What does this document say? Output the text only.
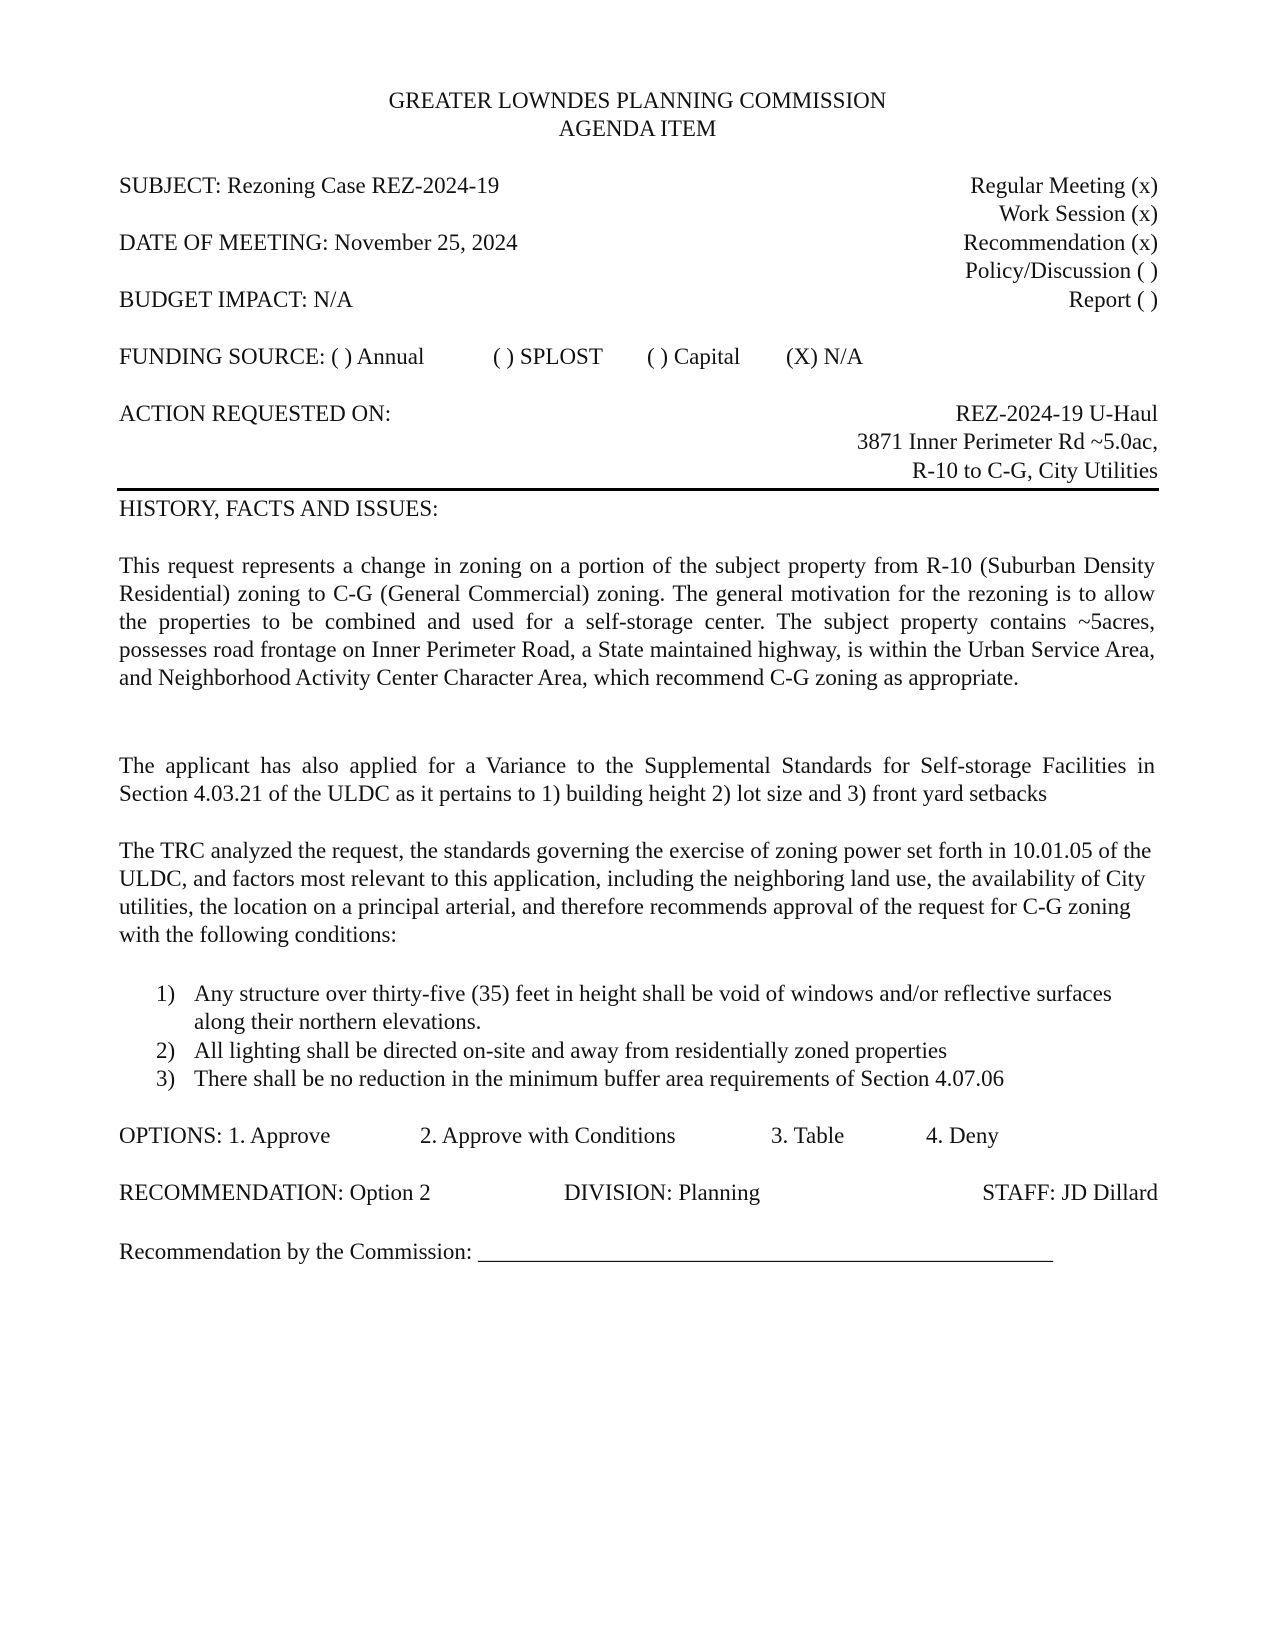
GREATER LOWNDES PLANNING COMMISSION
AGENDA ITEM
SUBJECT: Rezoning Case REZ-2024-19
DATE OF MEETING: November 25, 2024
BUDGET IMPACT: N/A
Regular Meeting (x)
Work Session (x)
Recommendation (x)
Policy/Discussion ( )
Report ( )
FUNDING SOURCE: ( ) Annual	( ) SPLOST ( ) Capital (X) N/A
ACTION REQUESTED ON:	REZ-2024-19 U-Haul
3871 Inner Perimeter Rd ~5.0ac,
R-10 to C-G, City Utilities
HISTORY, FACTS AND ISSUES:
This request represents a change in zoning on a portion of the subject property from R-10 (Suburban Density Residential) zoning to C-G (General Commercial) zoning. The general motivation for the rezoning is to allow the properties to be combined and used for a self-storage center. The subject property contains ~5acres, possesses road frontage on Inner Perimeter Road, a State maintained highway, is within the Urban Service Area, and Neighborhood Activity Center Character Area, which recommend C-G zoning as appropriate.
The applicant has also applied for a Variance to the Supplemental Standards for Self-storage Facilities in Section 4.03.21 of the ULDC as it pertains to 1) building height 2) lot size and 3) front yard setbacks
The TRC analyzed the request, the standards governing the exercise of zoning power set forth in 10.01.05 of the ULDC, and factors most relevant to this application, including the neighboring land use, the availability of City utilities, the location on a principal arterial, and therefore recommends approval of the request for C-G zoning with the following conditions:
1) Any structure over thirty-five (35) feet in height shall be void of windows and/or reflective surfaces along their northern elevations.
2) All lighting shall be directed on-site and away from residentially zoned properties
3) There shall be no reduction in the minimum buffer area requirements of Section 4.07.06
OPTIONS: 1. Approve	2. Approve with Conditions	3. Table	4. Deny
RECOMMENDATION: Option 2	DIVISION: Planning	STAFF: JD Dillard
Recommendation by the Commission: __________________________________________________
